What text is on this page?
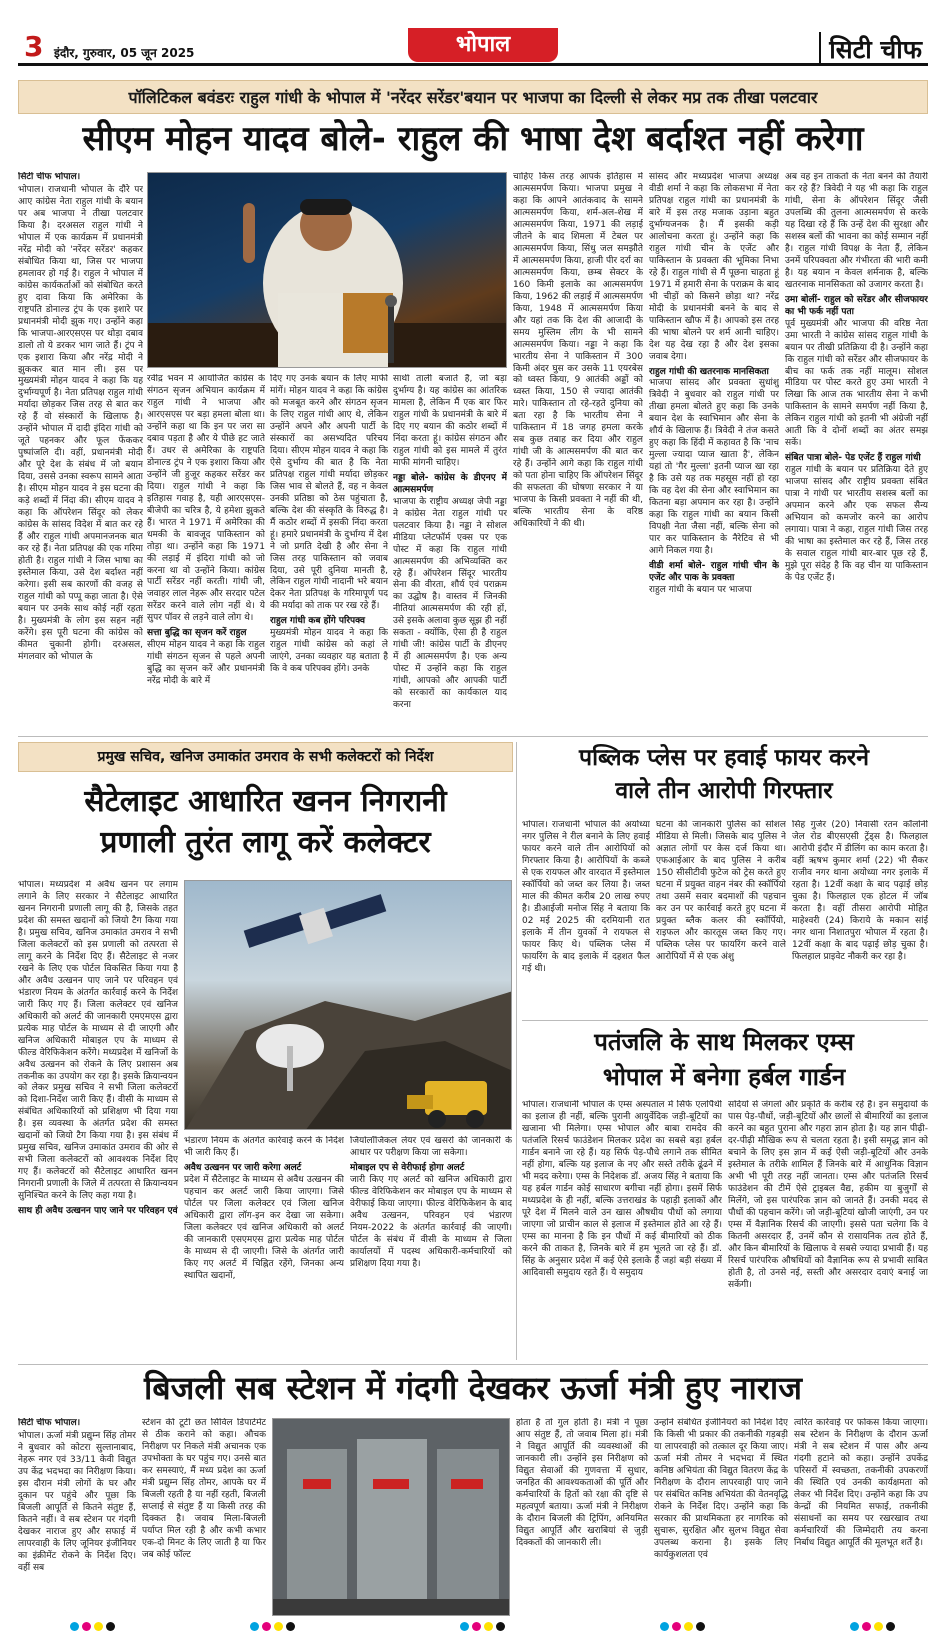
3 इंदौर, गुरुवार, 05 जून 2025	भोपाल	सिटी चीफ
पॉलिटिकल बवंडरः राहुल गांधी के भोपाल में 'नरेंदर सरेंडर'बयान पर भाजपा का दिल्ली से लेकर मप्र तक तीखा पलटवार
सीएम मोहन यादव बोले- राहुल की भाषा देश बर्दाश्त नहीं करेगा
सिटी चीफ भोपाल।

भोपाल। राजधानी भोपाल के दौरे पर आए कांग्रेस नेता राहुल गांधी के बयान पर अब भाजपा ने तीखा पलटवार किया है। दरअसल राहुल गांधी ने भोपाल में एक कार्यक्रम में प्रधानमंत्री नरेंद्र मोदी को 'नरेंदर सरेंडर' कहकर संबोधित किया था, जिस पर भाजपा हमलावर हो गई है। राहुल ने भोपाल में कांग्रेस कार्यकर्ताओं को संबोधित करते हुए दावा किया कि अमेरिका के राष्ट्रपति डोनाल्ड ट्रंप के एक इशारे पर प्रधानमंत्री मोदी झुक गए। उन्होंने कहा कि भाजपा-आरएसएस पर थोड़ा दबाव डालो तो ये डरकर भाग जाते हैं। ट्रंप ने एक इशारा किया और नरेंद्र मोदी ने झुककर बात मान ली। इस पर मुख्यमंत्री मोहन यादव ने कहा कि यह दुर्भाग्यपूर्ण है। नेता प्रतिपक्ष राहुल गांधी मर्यादा छोड़कर जिस तरह से बात कर रहे हैं वो संस्कारों के खिलाफ है। उन्होंने भोपाल में दादी इंदिरा गांधी को जूते पहनकर और फूल फेंककर पुष्पांजलि दी। वहीं, प्रधानमंत्री मोदी और पूरे देश के संबंध में जो बयान दिया, उससे उनका स्वरूप सामने आता है। सीएम मोहन यादव ने इस घटना की कड़े शब्दों में निंदा की। सीएम यादव ने कहा कि ऑपरेशन सिंदूर को लेकर कांग्रेस के सांसद विदेश में बात कर रहे हैं और राहुल गांधी अपमानजनक बात कर रहे हैं। नेता प्रतिपक्ष की एक गरिमा होती है। राहुल गांधी ने जिस भाषा का इस्तेमाल किया, उसे देश बर्दाश्त नहीं करेगा। इसी सब कारणों की वजह से राहुल गांधी को पप्पू कहा जाता है। ऐसे बयान पर उनके साथ कोई नहीं रहता है। मुख्यमंत्री के लोग इस सहन नहीं करेंगे। इस पूरी घटना की कांग्रेस को कीमत चुकानी होगी। दरअसल, मंगलवार को भोपाल के

रवींद्र भवन में आयोजित कांग्रेस के संगठन सृजन अभियान कार्यक्रम में राहुल गांधी ने भाजपा और आरएसएस पर बड़ा हमला बोला था। उन्होंने कहा था कि इन पर जरा सा दबाव पड़ता है और ये पीछे हट जाते हैं। उधर से अमेरिका के राष्ट्रपति डोनाल्ड ट्रंप ने एक इशारा किया और उन्होंने जी हुजूर कहकर सरेंडर कर दिया। राहुल गांधी ने कहा कि इतिहास गवाह है, यही आरएसएस-बीजेपी का चरित्र है, ये हमेशा झुकते हैं। भारत ने 1971 में अमेरिका की धमकी के बावजूद पाकिस्तान को तोड़ा था। उन्होंने कहा कि 1971 की लड़ाई में इंदिरा गांधी को जो करना था वो उन्होंने किया। कांग्रेस पार्टी सरेंडर नहीं करती। गांधी जी, जवाहर लाल नेहरू और सरदार पटेल सरेंडर करने वाले लोग नहीं थे। ये सुपर पॉवर से लड़ने वाले लोग थे।

सत्ता बुद्धि का सृजन करें राहुल

सीएम मोहन यादव ने कहा कि राहुल गांधी संगठन सृजन से पहले अपनी बुद्धि का सृजन करें और प्रधानमंत्री नरेंद्र मोदी के बारे में

दिए गए उनके बयान के लिए माफी मांगें। मोहन यादव ने कहा कि कांग्रेस को मजबूत करने और संगठन सृजन के लिए राहुल गांधी आए थे, लेकिन उन्होंने अपने और अपनी पार्टी के संस्कारों का असभ्यदित परिचय दिया। सीएम मोहन यादव ने कहा कि ऐसे दुर्भाग्य की बात है कि नेता प्रतिपक्ष राहुल गांधी मर्यादा छोड़कर जिस भाव से बोलते हैं, वह न केवल उनकी प्रतिष्ठा को ठेस पहुंचाता है, बल्कि देश की संस्कृति के विरुद्ध है। मैं कठोर शब्दों में इसकी निंदा करता हूं। हमारे प्रधानमंत्री के दुर्भाग्य में देश ने जो प्रगति देखी है और सेना ने जिस तरह पाकिस्तान को जवाब दिया, उसे पूरी दुनिया मानती है, लेकिन राहुल गांधी नादानी भरे बयान देकर नेता प्रतिपक्ष के गरिमापूर्ण पद की मर्यादा को ताक पर रख रहे हैं।

राहुल गांधी कब होंगे परिपक्व

मुख्यमंत्री मोहन यादव ने कहा कि राहुल गांधी कांग्रेस को कहां ले जाएंगे, उनका व्यवहार यह बताता है कि वे कब परिपक्व होंगे। उनके

साथी ताली बजाते हैं, जो बड़ा दुर्भाग्य है। यह कांग्रेस का आंतरिक मामला है, लेकिन मैं एक बार फिर राहुल गांधी के प्रधानमंत्री के बारे में दिए गए बयान की कठोर शब्दों में निंदा करता हूं। कांग्रेस संगठन और राहुल गांधी को इस मामले में तुरंत माफी मांगनी चाहिए।

नड्डा बोले- कांग्रेस के डीएनए में आत्मसमर्पण

भाजपा के राष्ट्रीय अध्यक्ष जेपी नड्डा ने कांग्रेस नेता राहुल गांधी पर पलटवार किया है। नड्डा ने सोशल मीडिया प्लेटफॉर्म एक्स पर एक पोस्ट में कहा कि राहुल गांधी आत्मसमर्पण की अभिव्यक्ति कर रहे हैं। ऑपरेशन सिंदूर भारतीय सेना की वीरता, शौर्य एवं पराक्रम का उद्घोष है। वास्तव में जिनकी नीतियां आत्मसमर्पण की रही हों, उसे इसके अलावा कुछ सूझ ही नहीं सकता - क्योंकि, ऐसा ही है राहुल गांधी जी! कांग्रेस पार्टी के डीएनए में ही आत्मसमर्पण है। एक अन्य पोस्ट में उन्होंने कहा कि राहुल गांधी, आपको और आपकी पार्टी को सरकारों का कार्यकाल याद करना

चाहिए किस तरह आपके इतिहास में आत्मसमर्पण किया। भाजपा प्रमुख ने कहा कि आपने आतंकवाद के सामने आत्मसमर्पण किया, शर्म-अल-शेख में आत्मसमर्पण किया, 1971 की लड़ाई जीतने के बाद शिमला में टेबल पर आत्मसमर्पण किया, सिंधु जल समझौते में आत्मसमर्पण किया, हाजी पीर दर्रा का आत्मसमर्पण किया, छम्ब सेक्टर के 160 किमी इलाके का आत्मसमर्पण किया, 1962 की लड़ाई में आत्मसमर्पण किया, 1948 में आत्मसमर्पण किया और यहां तक कि देश की आजादी के समय मुस्लिम लीग के भी सामने आत्मसमर्पण किया। नड्डा ने कहा कि भारतीय सेना ने पाकिस्तान में 300 किमी अंदर घुस कर उसके 11 एयरबेस को ध्वस्त किया, 9 आतंकी अड्डों को ध्वस्त किया, 150 से ज्यादा आतंकी मारे। पाकिस्तान तो रहे-रहते दुनिया को बता रहा है कि भारतीय सेना ने पाकिस्तान में 18 जगह हमला करके सब कुछ तबाह कर दिया और राहुल गांधी जी के आत्मसमर्पण की बात कर रहे हैं। उन्होंने आगे कहा कि राहुल गांधी को पता होना चाहिए कि ऑपरेशन सिंदूर की सफलता की घोषणा सरकार ने या भाजपा के किसी प्रवक्ता ने नहीं की थी, बल्कि भारतीय सेना के वरिष्ठ अधिकारियों ने की थी।

सांसद और मध्यप्रदेश भाजपा अध्यक्ष वीडी शर्मा ने कहा कि लोकसभा में नेता प्रतिपक्ष राहुल गांधी का प्रधानमंत्री के बारे में इस तरह मजाक उड़ाना बहुत दुर्भाग्यजनक है। मैं इसकी कड़ी आलोचना करता हूं। उन्होंने कहा कि राहुल गांधी चीन के एजेंट और पाकिस्तान के प्रवक्ता की भूमिका निभा रहे हैं। राहुल गांधी से मैं पूछना चाहता हूं 1971 में हमारी सेना के पराक्रम के बाद भी चीड़ों को किसने छोड़ा था? नरेंद्र मोदी के प्रधानमंत्री बनने के बाद से पाकिस्तान खौफ में है। आपको इस तरह की भाषा बोलने पर शर्म आनी चाहिए। देश यह देख रहा है और देश इसका जवाब देगा।

राहुल गांधी की खतरनाक मानसिकता

भाजपा सांसद और प्रवक्ता सुधांशु त्रिवेदी ने बुधवार को राहुल गांधी पर तीखा हमला बोलते हुए कहा कि उनके बयान देश के स्वाभिमान और सेना के शौर्य के खिलाफ हैं। त्रिवेदी ने तंज कसते हुए कहा कि हिंदी में कहावत है कि 'नाच मुल्ला ज्यादा प्याज खाता है', लेकिन यहां तो 'गैर मुल्ला' इतनी प्याज खा रहा है कि उसे यह तक महसूस नहीं हो रहा कि वह देश की सेना और स्वाभिमान का कितना बड़ा अपमान कर रहा है। उन्होंने कहा कि राहुल गांधी का बयान किसी विपक्षी नेता जैसा नहीं, बल्कि सेना को पार कर पाकिस्तान के नैरेटिव से भी आगे निकल गया है।

वीडी शर्मा बोले- राहुल गांधी चीन के एजेंट और पाक के प्रवक्ता

राहुल गांधी के बयान पर भाजपा

अब वह इन ताकतों के नेता बनने की तैयारी कर रहे हैं? त्रिवेदी ने यह भी कहा कि राहुल गांधी, सेना के ऑपरेशन सिंदूर जैसी उपलब्धि की तुलना आत्मसमर्पण से करके यह दिखा रहे हैं कि उन्हें देश की सुरक्षा और सशस्त्र बलों की भावना का कोई सम्मान नहीं है। राहुल गांधी विपक्ष के नेता हैं, लेकिन उनमें परिपक्वता और गंभीरता की भारी कमी है। यह बयान न केवल शर्मनाक है, बल्कि खतरनाक मानसिकता को उजागर करता है।

उमा बोलीं- राहुल को सरेंडर और सीजफायर का भी फर्क नहीं पता

पूर्व मुख्यमंत्री और भाजपा की वरिष्ठ नेता उमा भारती ने कांग्रेस सांसद राहुल गांधी के बयान पर तीखी प्रतिक्रिया दी है। उन्होंने कहा कि राहुल गांधी को सरेंडर और सीजफायर के बीच का फर्क तक नहीं मालूम। सोशल मीडिया पर पोस्ट करते हुए उमा भारती ने लिखा कि आज तक भारतीय सेना ने कभी पाकिस्तान के सामने समर्पण नहीं किया है, लेकिन राहुल गांधी को इतनी भी अंग्रेजी नहीं आती कि वे दोनों शब्दों का अंतर समझ सकें।

संबित पात्रा बोले- पेड एजेंट हैं राहुल गांधी

राहुल गांधी के बयान पर प्रतिक्रिया देते हुए भाजपा सांसद और राष्ट्रीय प्रवक्ता संबित पात्रा ने गांधी पर भारतीय सशस्त्र बलों का अपमान करने और एक सफल सैन्य अभियान को कमजोर करने का आरोप लगाया। पात्रा ने कहा, राहुल गांधी जिस तरह की भाषा का इस्तेमाल कर रहे हैं, जिस तरह के सवाल राहुल गांधी बार-बार पूछ रहे हैं, मुझे पूरा संदेह है कि वह चीन या पाकिस्तान के पेड एजेंट हैं।

प्रमुख सचिव, खनिज उमाकांत उमराव के सभी कलेक्टरों को निर्देश
सैटेलाइट आधारित खनन निगरानी
प्रणाली तुरंत लागू करें कलेक्टर

भोपाल। मध्यप्रदेश में अवैध खनन पर लगाम लगाने के लिए सरकार ने सैटेलाइट आधारित खनन निगरानी प्रणाली लागू की है, जिसके तहत प्रदेश की समस्त खदानों को जियो टैग किया गया है। प्रमुख सचिव, खनिज उमाकांत उमराव ने सभी जिला कलेक्टरों को इस प्रणाली को तत्परता से लागू करने के निर्देश दिए हैं। सैटेलाइट से नजर रखने के लिए एक पोर्टल विकसित किया गया है और अवैध उत्खनन पाए जाने पर परिवहन एवं भंडारण नियम के अंतर्गत कार्रवाई करने के निर्देश जारी किए गए हैं। जिला कलेक्टर एवं खनिज अधिकारी को अलर्ट की जानकारी एमएमएस द्वारा प्रत्येक माह पोर्टल के माध्यम से दी जाएगी और खनिज अधिकारी मोबाइल एप के माध्यम से फील्ड वेरिफिकेशन करेंगे। मध्यप्रदेश में खनिजों के अवैध उत्खनन को रोकने के लिए प्रशासन अब तकनीक का उपयोग कर रहा है। इसके क्रियान्वयन को लेकर प्रमुख सचिव ने सभी जिला कलेक्टरों को दिशा-निर्देश जारी किए हैं। वीसी के माध्यम से संबंधित अधिकारियों को प्रशिक्षण भी दिया गया है। इस व्यवस्था के अंतर्गत प्रदेश की समस्त खदानों को जियो टैग किया गया है। इस संबंध में प्रमुख सचिव, खनिज उमाकांत उमराव की ओर से सभी जिला कलेक्टरों को आवश्यक निर्देश दिए गए हैं। कलेक्टरों को सैटेलाइट आधारित खनन निगरानी प्रणाली के जिले में तत्परता से क्रियान्वयन सुनिश्चित करने के लिए कहा गया है।

साथ ही अवैध उत्खनन पाए जाने पर परिवहन एवं

भंडारण नियम के अंतर्गत कार्रवाई करने के निर्देश भी जारी किए हैं।

अवैध उत्खनन पर जारी करेगा अलर्ट

प्रदेश में सैटेलाइट के माध्यम से अवैध उत्खनन की पहचान कर अलर्ट जारी किया जाएगा। जिसे पोर्टल पर जिला कलेक्टर एवं जिला खनिज अधिकारी द्वारा लॉग-इन कर देखा जा सकेगा। जिला कलेक्टर एवं खनिज अधिकारी को अलर्ट की जानकारी एसएमएस द्वारा प्रत्येक माह पोर्टल के माध्यम से दी जाएगी। जिसे के अंतर्गत जारी किए गए अलर्ट में चिह्नित रहेंगे, जिनका अन्य स्थापित खदानों,

जियोलॉजिकल लेयर एवं खसरों की जानकारी के आधार पर परीक्षण किया जा सकेगा।

मोबाइल एप से वेरीफाई होगा अलर्ट

जारी किए गए अलर्ट को खनिज अधिकारी द्वारा फील्ड वेरिफिकेशन कर मोबाइल एप के माध्यम से वेरीफाई किया जाएगा। फील्ड वेरिफिकेशन के बाद अवैध उत्खनन, परिवहन एवं भंडारण नियम-2022 के अंतर्गत कार्रवाई की जाएगी। पोर्टल के संबंध में वीसी के माध्यम से जिला कार्यालयों में पदस्थ अधिकारी-कर्मचारियों को प्रशिक्षण दिया गया है।

पब्लिक प्लेस पर हवाई फायर करने
वाले तीन आरोपी गिरफ्तार

भोपाल। राजधानी भोपाल की अयोध्या नगर पुलिस ने रील बनाने के लिए हवाई फायर करने वाले तीन आरोपियों को गिरफ्तार किया है। आरोपियों के कब्जे से एक रायफल और वारदात में इस्तेमाल स्कॉर्पियो को जब्त कर लिया है। जब्त माल की कीमत करीब 20 लाख रुपए है। डीआईजी मनोज सिंह ने बताया कि 02 मई 2025 की दरमियानी रात इलाके में तीन युवकों ने रायफल से फायर किए थे। पब्लिक प्लेस में फायरिंग के बाद इलाके में दहशत फैल गई थी।

घटना की जानकारी पुलिस को सोशल मीडिया से मिली। जिसके बाद पुलिस ने अज्ञात लोगों पर केस दर्ज किया था। एफआईआर के बाद पुलिस ने करीब 150 सीसीटीवी फुटेज को ट्रेस करते हुए घटना में प्रयुक्त वाहन नंबर की स्कॉर्पियो तथा उसमें सवार बदमाशों की पहचान कर उन पर कार्रवाई करते हुए घटना में प्रयुक्त ब्लैक कलर की स्कॉर्पियो, राइफल और कारतूस जब्त किए गए। पब्लिक प्लेस पर फायरिंग करने वाले आरोपियों में से एक अंशु

सिंह गुर्जर (20) निवासी रतन कॉलोनी जेल रोड बीएसएसी ट्रेंड्स है। फिलहाल आरोपी इंदौर में डीलिंग का काम करता है। वहीं ऋषभ कुमार शर्मा (22) भी सैकर राजीव नगर थाना अयोध्या नगर इलाके में रहता है। 12वीं कक्षा के बाद पढ़ाई छोड़ चुका है। फिलहाल एक होटल में जॉब करता है। वहीं तीसरा आरोपी मोहित माहेश्वरी (24) किराये के मकान सांई नगर थाना निशातपुरा भोपाल में रहता है। 12वीं कक्षा के बाद पढ़ाई छोड़ चुका है। फिलहाल प्राइवेट नौकरी कर रहा है।

पतंजलि के साथ मिलकर एम्स
भोपाल में बनेगा हर्बल गार्डन

भोपाल। राजधानी भोपाल के एम्स अस्पताल में सिर्फ एलोपैथी का इलाज ही नहीं, बल्कि पुरानी आयुर्वेदिक जड़ी-बूटियों का खजाना भी मिलेगा। एम्स भोपाल और बाबा रामदेव की पतंजलि रिसर्च फाउंडेशन मिलकर प्रदेश का सबसे बड़ा हर्बल गार्डन बनाने जा रहे हैं। यह सिर्फ पेड़-पौधे लगाने तक सीमित नहीं होगा, बल्कि यह इलाज के नए और सस्ते तरीके ढूंढने में भी मदद करेगा। एम्स के निदेशक डॉ. अजय सिंह ने बताया कि यह हर्बल गार्डन कोई साधारण बगीचा नहीं होगा। इसमें सिर्फ मध्यप्रदेश के ही नहीं, बल्कि उत्तराखंड के पहाड़ी इलाकों और पूरे देश में मिलने वाले उन खास औषधीय पौधों को लगाया जाएगा जो प्राचीन काल से इलाज में इस्तेमाल होते आ रहे हैं। एम्स का मानना है कि इन पौधों में कई बीमारियों को ठीक करने की ताकत है, जिनके बारे में हम भूलते जा रहे हैं। डॉ. सिंह के अनुसार प्रदेश में कई ऐसे इलाके हैं जहां बड़ी संख्या में आदिवासी समुदाय रहते हैं। ये समुदाय

सदियों से जंगलों और प्रकृति के करीब रहे हैं। इन समुदायों के पास पेड़-पौधों, जड़ी-बूटियों और छालों से बीमारियों का इलाज करने का बहुत पुराना और गहरा ज्ञान होता है। यह ज्ञान पीढ़ी-दर-पीढ़ी मौखिक रूप से चलता रहता है। इसी समृद्ध ज्ञान को बचाने के लिए इस ज्ञान में कई ऐसी जड़ी-बूटियों और उनके इस्तेमाल के तरीके शामिल हैं जिनके बारे में आधुनिक विज्ञान अभी भी पूरी तरह नहीं जानता। एम्स और पतंजलि रिसर्च फाउंडेशन की टीमें ऐसे ट्राइबल वैद्य, हकीम या बुजुर्गों से मिलेंगे, जो इस पारंपरिक ज्ञान को जानते हैं। उनकी मदद से पौधों की पहचान करेंगे। जो जड़ी-बूटियां खोजी जाएंगी, उन पर एम्स में वैज्ञानिक रिसर्च की जाएगी। इससे पता चलेगा कि वे कितनी असरदार हैं, उनमें कौन से रासायनिक तत्व होते हैं, और किन बीमारियों के खिलाफ वे सबसे ज्यादा प्रभावी हैं। यह रिसर्च पारंपरिक औषधियों को वैज्ञानिक रूप से प्रभावी साबित होती है, तो उनसे नई, सस्ती और असरदार दवाएं बनाई जा सकेंगी।

बिजली सब स्टेशन में गंदगी देखकर ऊर्जा मंत्री हुए नाराज
सिटी चीफ भोपाल।

भोपाल। ऊर्जा मंत्री प्रद्युम्न सिंह तोमर ने बुधवार को कोटरा सुल्तानाबाद, नेहरू नगर एवं 33/11 केवी विद्युत उप केंद्र भदभदा का निरीक्षण किया। इस दौरान मंत्री लोगों के घर और दुकान पर पहुंचे और पूछा कि बिजली आपूर्ति से कितने संतुष्ट हैं, कितने नहीं। वे सब स्टेशन पर गंदगी देखकर नाराज हुए और सफाई में लापरवाही के लिए जूनियर इंजीनियर का इंक्रीमेंट रोकने के निर्देश दिए। वहीं सब

स्टेशन की टूटी छत सिविल डिपार्टमेंट से ठीक कराने को कहा। औचक निरीक्षण पर निकले मंत्री अचानक एक उपभोक्ता के घर पहुंच गए। उनसे बात कर समस्याएं, मैं मध्य प्रदेश का ऊर्जा मंत्री प्रद्युम्न सिंह तोमर, आपके घर में बिजली रहती है या नहीं रहती, बिजली सप्लाई से संतुष्ट हैं या किसी तरह की दिक्कत है। जवाब मिला-बिजली पर्याप्त मिल रही है और कभी कभार एक-दो मिनट के लिए जाती है या फिर जब कोई फॉल्ट

होता है तो गुल होती है। मंत्री ने पूछा आप संतुष्ट हैं, तो जवाब मिला हां। मंत्री ने विद्युत आपूर्ति की व्यवस्थाओं की जानकारी ली। उन्होंने इस निरीक्षण को विद्युत सेवाओं की गुणवत्ता में सुधार, जनहित की आवश्यकताओं की पूर्ति और कर्मचारियों के हितों को रक्षा की दृष्टि से महत्वपूर्ण बताया। ऊर्जा मंत्री ने निरीक्षण के दौरान बिजली की ट्रिपिंग, अनियमित विद्युत आपूर्ति और खराबियां से जुड़ी दिक्कतों की जानकारी ली।

उन्होंने संबंधित इंजीनियरों को निर्देश दिए कि किसी भी प्रकार की तकनीकी गड़बड़ी या लापरवाही को तत्काल दूर किया जाए। ऊर्जा मंत्री तोमर ने भदभदा में स्थित कनिष्ठ अभियंता की विद्युत वितरण केंद्र के निरीक्षण के दौरान लापरवाही पाए जाने पर संबंधित कनिष्ठ अभियंता की वेतनवृद्धि रोकने के निर्देश दिए। उन्होंने कहा कि सरकार की प्राथमिकता हर नागरिक को सुचारू, सुरक्षित और सुलभ विद्युत सेवा उपलब्ध कराना है। इसके लिए कार्यकुशलता एवं

त्वरित कार्रवाई पर फोकस किया जाएगा। सब स्टेशन के निरीक्षण के दौरान ऊर्जा मंत्री ने सब स्टेशन में पास और अन्य गंदगी हटाने को कहा। उन्होंने उपकेंद्र परिसरों में स्वच्छता, तकनीकी उपकरणों की स्थिति एवं उनकी कार्यक्षमता को लेकर भी निर्देश दिए। उन्होंने कहा कि उप केन्द्रों की नियमित सफाई, तकनीकी संसाधनों का समय पर रखरखाव तथा कर्मचारियों की जिम्मेदारी तय करना निर्बाध विद्युत आपूर्ति की मूलभूत शर्तें है।
